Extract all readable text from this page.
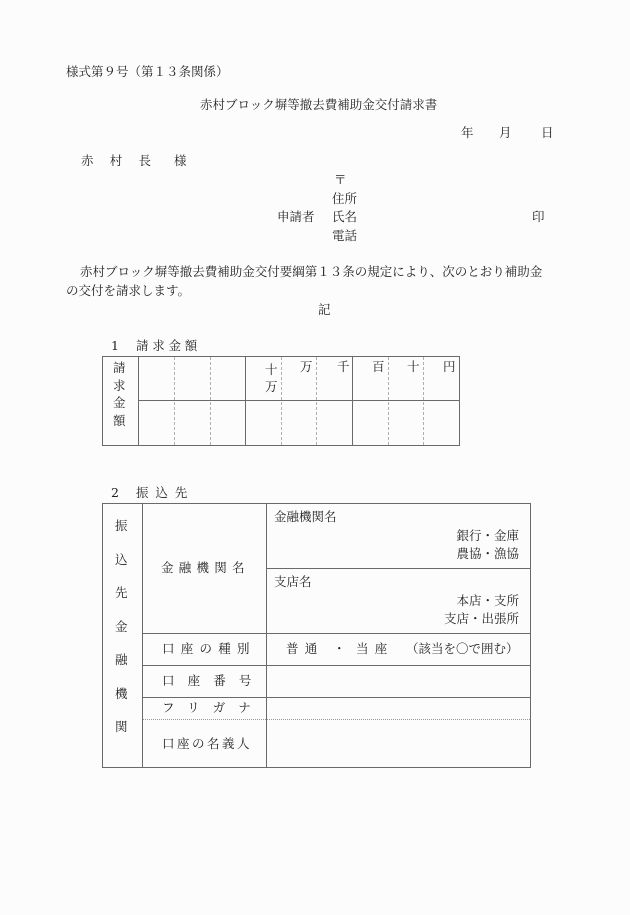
様式第９号（第１３条関係）
赤村ブロック塀等撤去費補助金交付請求書
年 月 日
赤　村　長 様
〒
住所
申請者 氏名	印
電話
赤村ブロック塀等撤去費補助金交付要綱第１３条の規定により、次のとおり補助金
の交付を請求します。
記
1 請求金額
請
求
金
額
十万
万 千 百 十 円
2 振込先
振
込
先
金
融
機
関
金融機関名
金融機関名
銀行・金庫
農協・漁協
支店名
本店・支所
支店・出張所
口座の種別 普通 ・ 当座 （該当を〇で囲む）
口座番号
フリガナ
口座の名義人
